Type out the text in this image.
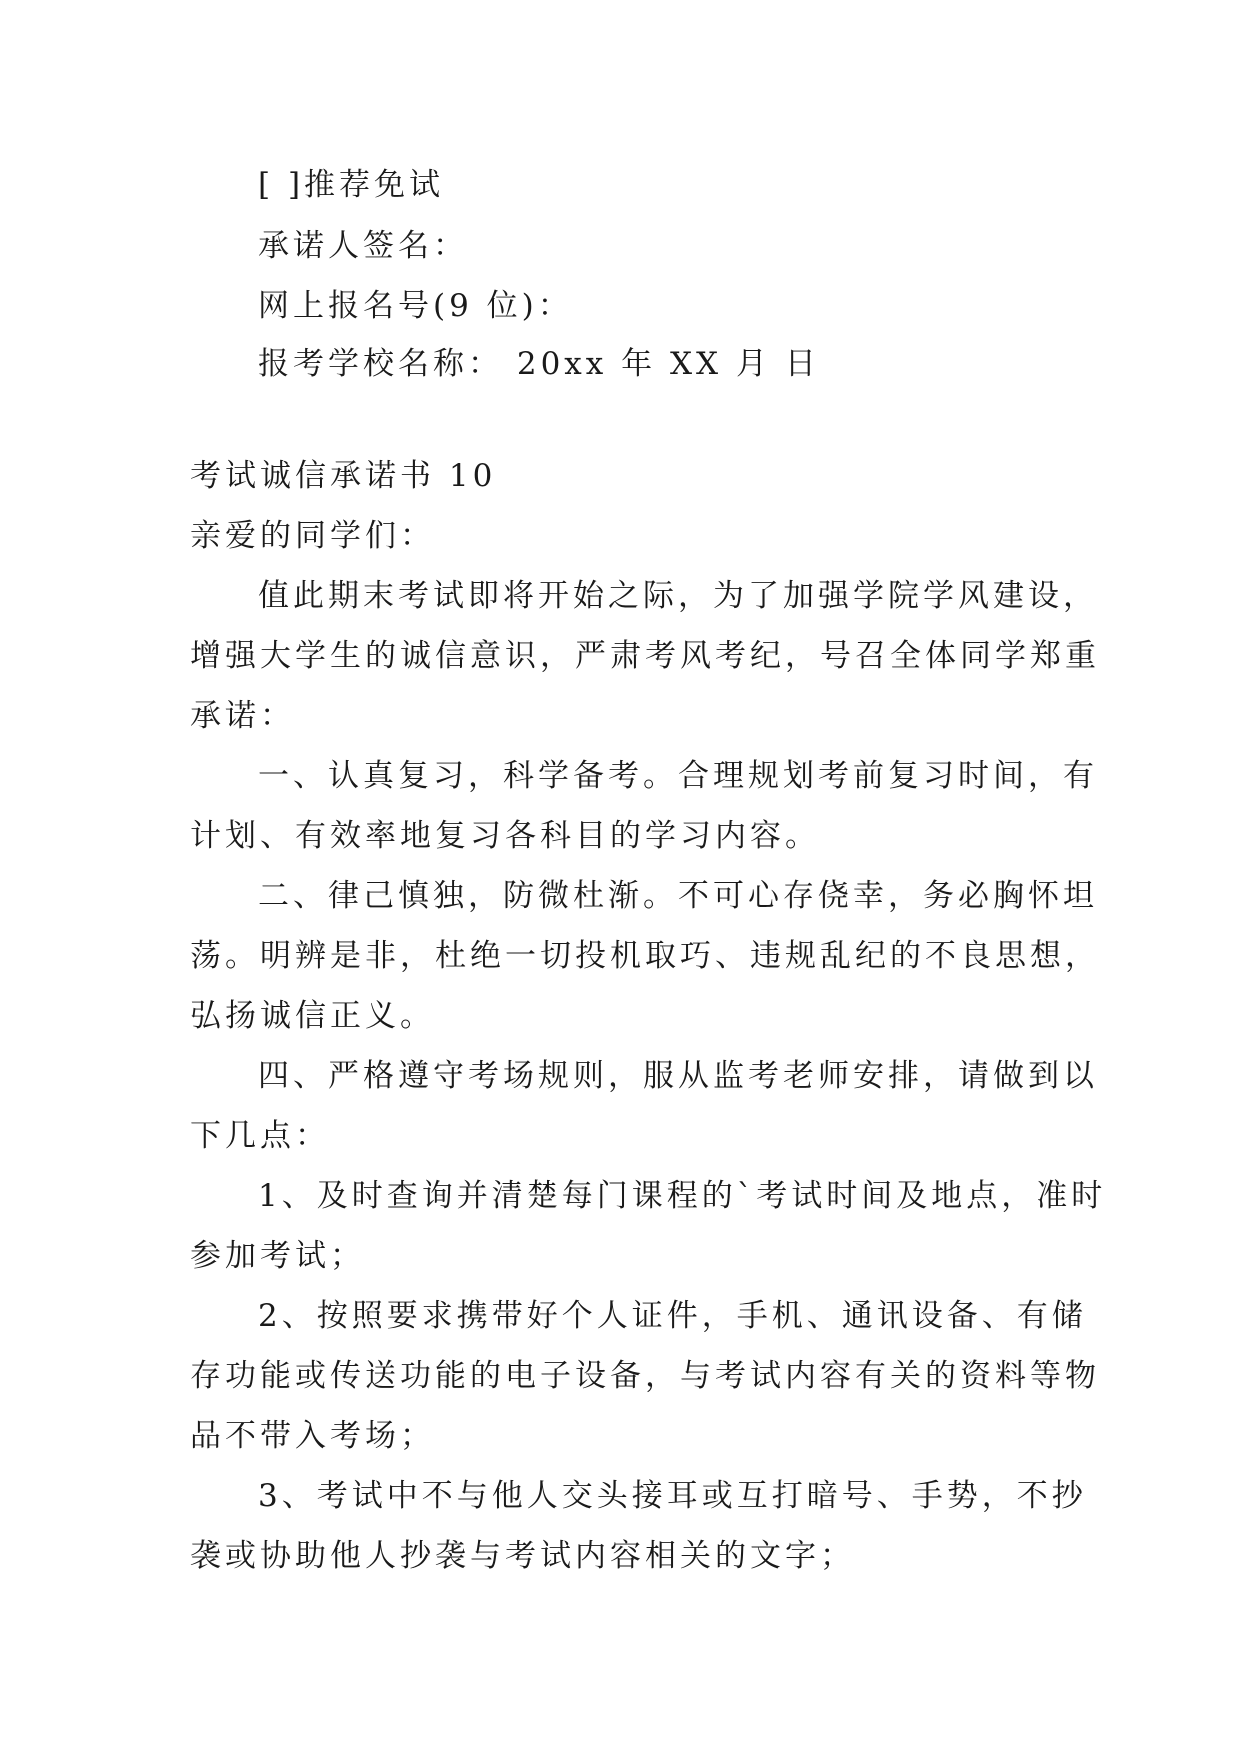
[ ]推荐免试
承诺人签名：
网上报名号(9 位)：
报考学校名称： 20xx 年 XX 月 日
考试诚信承诺书 10
亲爱的同学们：
值此期末考试即将开始之际，为了加强学院学风建设，
增强大学生的诚信意识，严肃考风考纪，号召全体同学郑重
承诺：
一、认真复习，科学备考。合理规划考前复习时间，有
计划、有效率地复习各科目的学习内容。
二、律己慎独，防微杜渐。不可心存侥幸，务必胸怀坦
荡。明辨是非，杜绝一切投机取巧、违规乱纪的不良思想，
弘扬诚信正义。
四、严格遵守考场规则，服从监考老师安排，请做到以
下几点：
1、及时查询并清楚每门课程的`考试时间及地点，准时
参加考试；
2、按照要求携带好个人证件，手机、通讯设备、有储
存功能或传送功能的电子设备，与考试内容有关的资料等物
品不带入考场；
3、考试中不与他人交头接耳或互打暗号、手势，不抄
袭或协助他人抄袭与考试内容相关的文字；
